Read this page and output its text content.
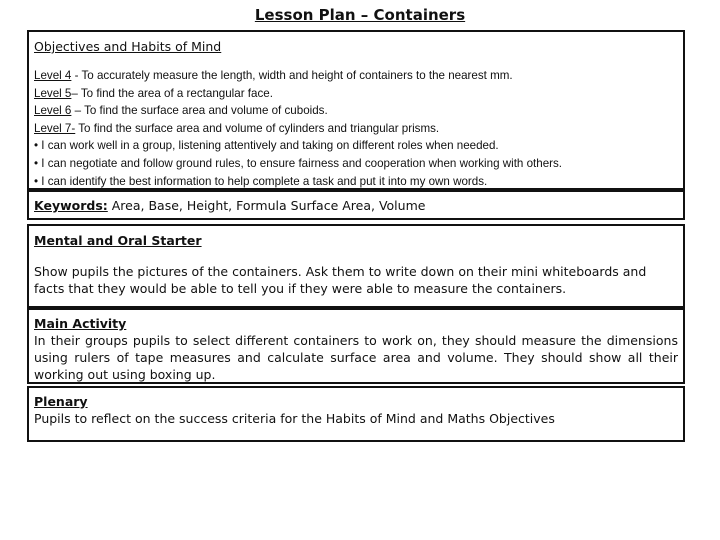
Lesson Plan – Containers
Objectives and Habits of Mind
Level 4 - To accurately measure the length, width and height of containers to the nearest mm.
Level 5– To find the area of a rectangular face.
Level 6 – To find the surface area and volume of cuboids.
Level 7- To find the surface area and volume of cylinders and triangular prisms.
• I can work well in a group, listening attentively and taking on different roles when needed.
• I can negotiate and follow ground rules, to ensure fairness and cooperation when working with others.
• I can identify the best information to help complete a task and put it into my own words.
Keywords: Area, Base, Height, Formula Surface Area, Volume
Mental and Oral Starter
Show pupils the pictures of the containers. Ask them to write down on their mini whiteboards and facts that they would be able to tell you if they were able to measure the containers.
Main Activity
In their groups pupils to select different containers to work on, they should measure the dimensions using rulers of tape measures and calculate surface area and volume. They should show all their working out using boxing up.
Plenary
Pupils to reflect on the success criteria for the Habits of Mind and Maths Objectives
